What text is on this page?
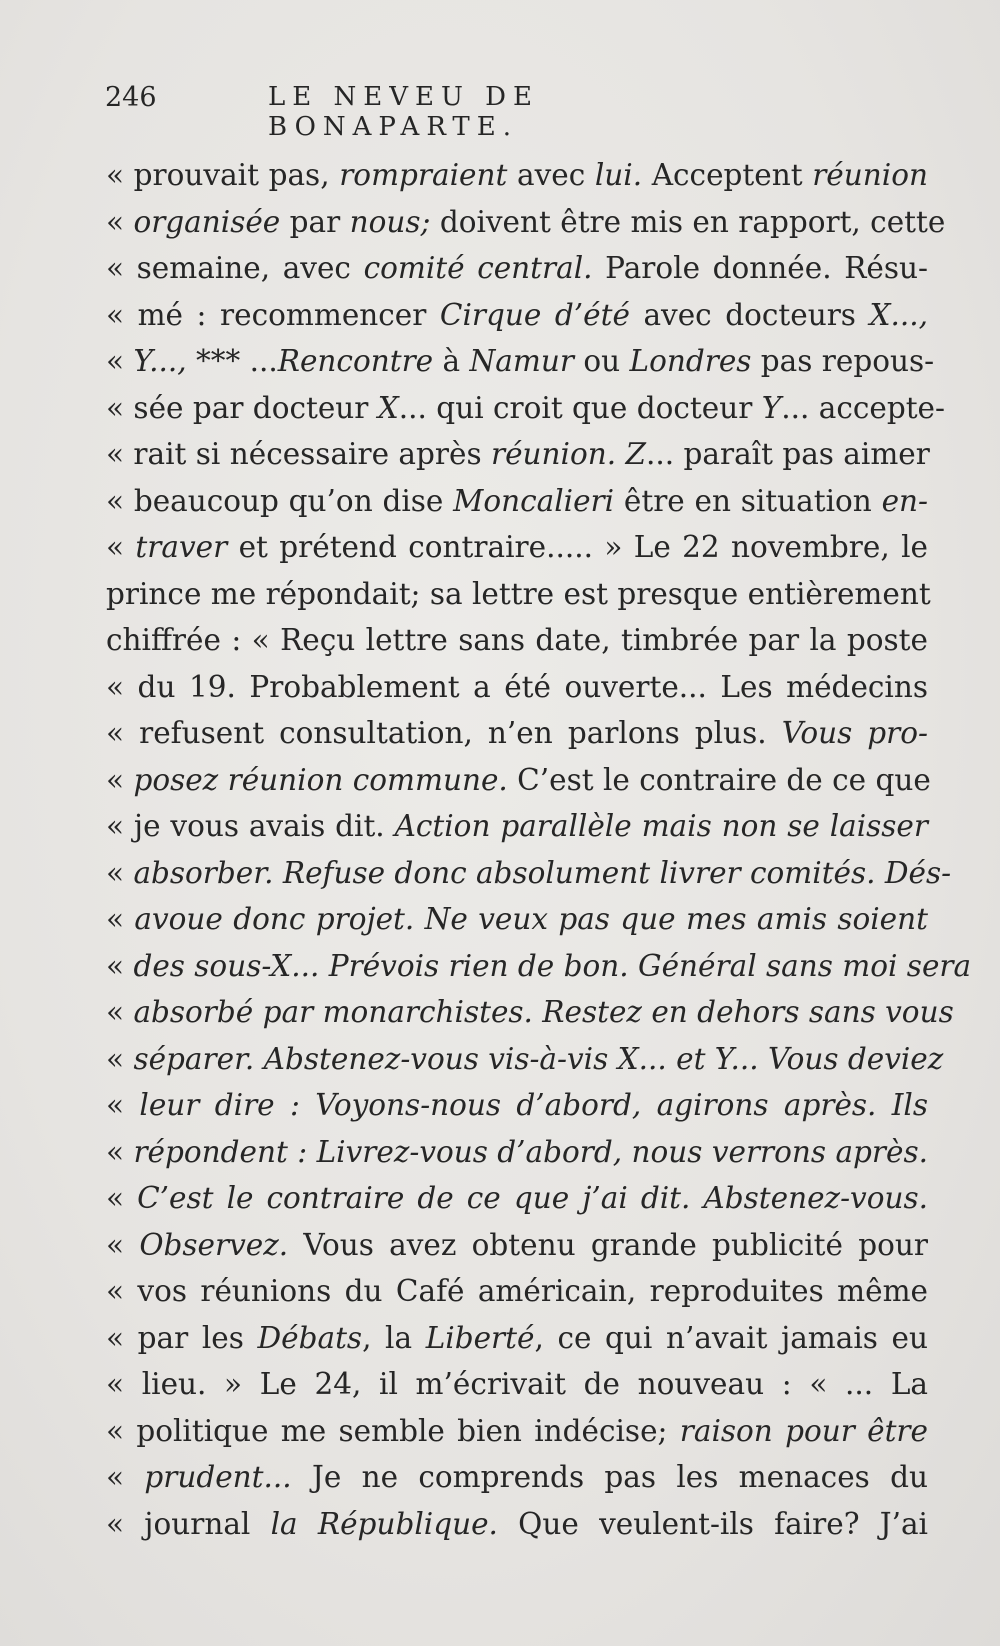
246	LE NEVEU DE BONAPARTE.
« prouvait pas, rompraient avec lui. Acceptent réunion
« organisée par nous; doivent être mis en rapport, cette
« semaine, avec comité central. Parole donnée. Résu-
« mé : recommencer Cirque d’été avec docteurs X...,
« Y..., *** ...Rencontre à Namur ou Londres pas repous-
« sée par docteur X... qui croit que docteur Y... accepte-
« rait si nécessaire après réunion. Z... paraît pas aimer
« beaucoup qu’on dise Moncalieri être en situation en-
« traver et prétend contraire..... » Le 22 novembre, le
prince me répondait; sa lettre est presque entièrement
chiffrée : « Reçu lettre sans date, timbrée par la poste
« du 19. Probablement a été ouverte... Les médecins
« refusent consultation, n’en parlons plus. Vous pro-
« posez réunion commune. C’est le contraire de ce que
« je vous avais dit. Action parallèle mais non se laisser
« absorber. Refuse donc absolument livrer comités. Dés-
« avoue donc projet. Ne veux pas que mes amis soient
« des sous-X... Prévois rien de bon. Général sans moi sera
« absorbé par monarchistes. Restez en dehors sans vous
« séparer. Abstenez-vous vis-à-vis X... et Y... Vous deviez
« leur dire : Voyons-nous d’abord, agirons après. Ils
« répondent : Livrez-vous d’abord, nous verrons après.
« C’est le contraire de ce que j’ai dit. Abstenez-vous.
« Observez. Vous avez obtenu grande publicité pour
« vos réunions du Café américain, reproduites même
« par les Débats, la Liberté, ce qui n’avait jamais eu
« lieu. » Le 24, il m’écrivait de nouveau : « ... La
« politique me semble bien indécise; raison pour être
« prudent... Je ne comprends pas les menaces du
« journal la République. Que veulent-ils faire? J’ai
